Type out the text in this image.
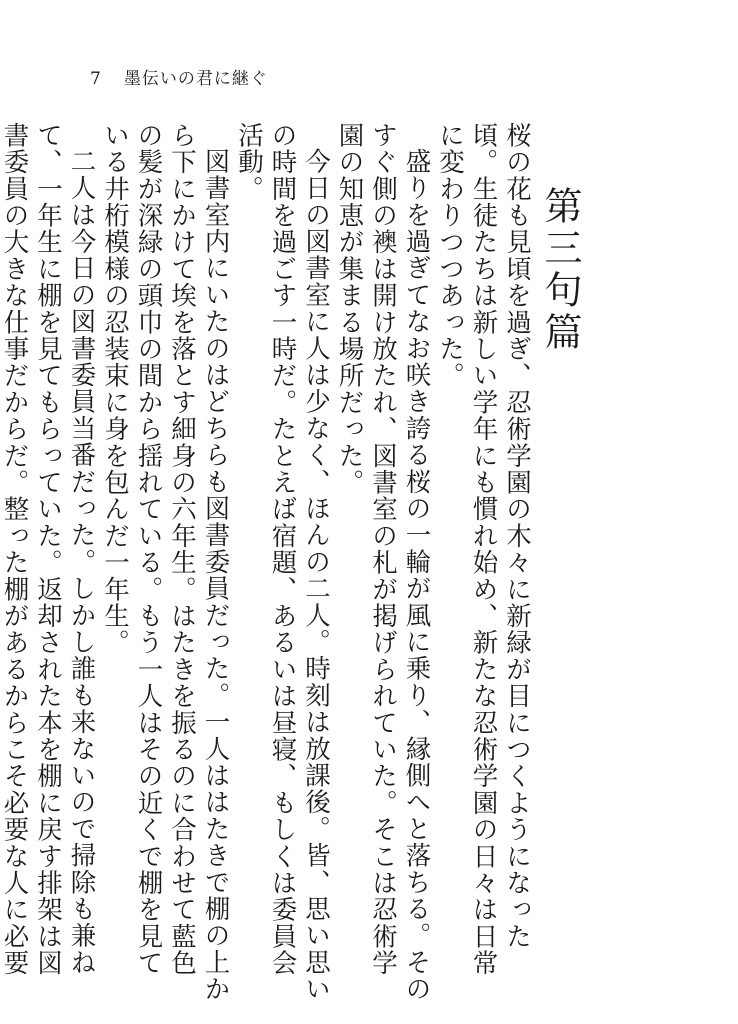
7 墨伝いの君に継ぐ
第三句篇

桜の花も見頃を過ぎ、忍術学園の木々に新緑が目につくようになった頃。生徒たちは新しい学年にも慣れ始め、新たな忍術学園の日々は日常に変わりつつあった。

盛りを過ぎてなお咲き誇る桜の一輪が風に乗り、縁側へと落ちる。そのすぐ側の襖は開け放たれ、図書室の札が掲げられていた。そこは忍術学園の知恵が集まる場所だった。

今日の図書室に人は少なく、ほんの二人。時刻は放課後。皆、思い思いの時間を過ごす一時だ。たとえば宿題、あるいは昼寝、もしくは委員会活動。

図書室内にいたのはどちらも図書委員だった。一人ははたきで棚の上から下にかけて埃を落とす細身の六年生。はたきを振るのに合わせて藍色の髪が深緑の頭巾の間から揺れている。もう一人はその近くで棚を見ている井桁模様の忍装束に身を包んだ一年生。

二人は今日の図書委員当番だった。しかし誰も来ないので掃除も兼ねて、一年生に棚を見てもらっていた。返却された本を棚に戻す排架は図書委員の大きな仕事だからだ。整った棚があるからこそ必要な人に必要
